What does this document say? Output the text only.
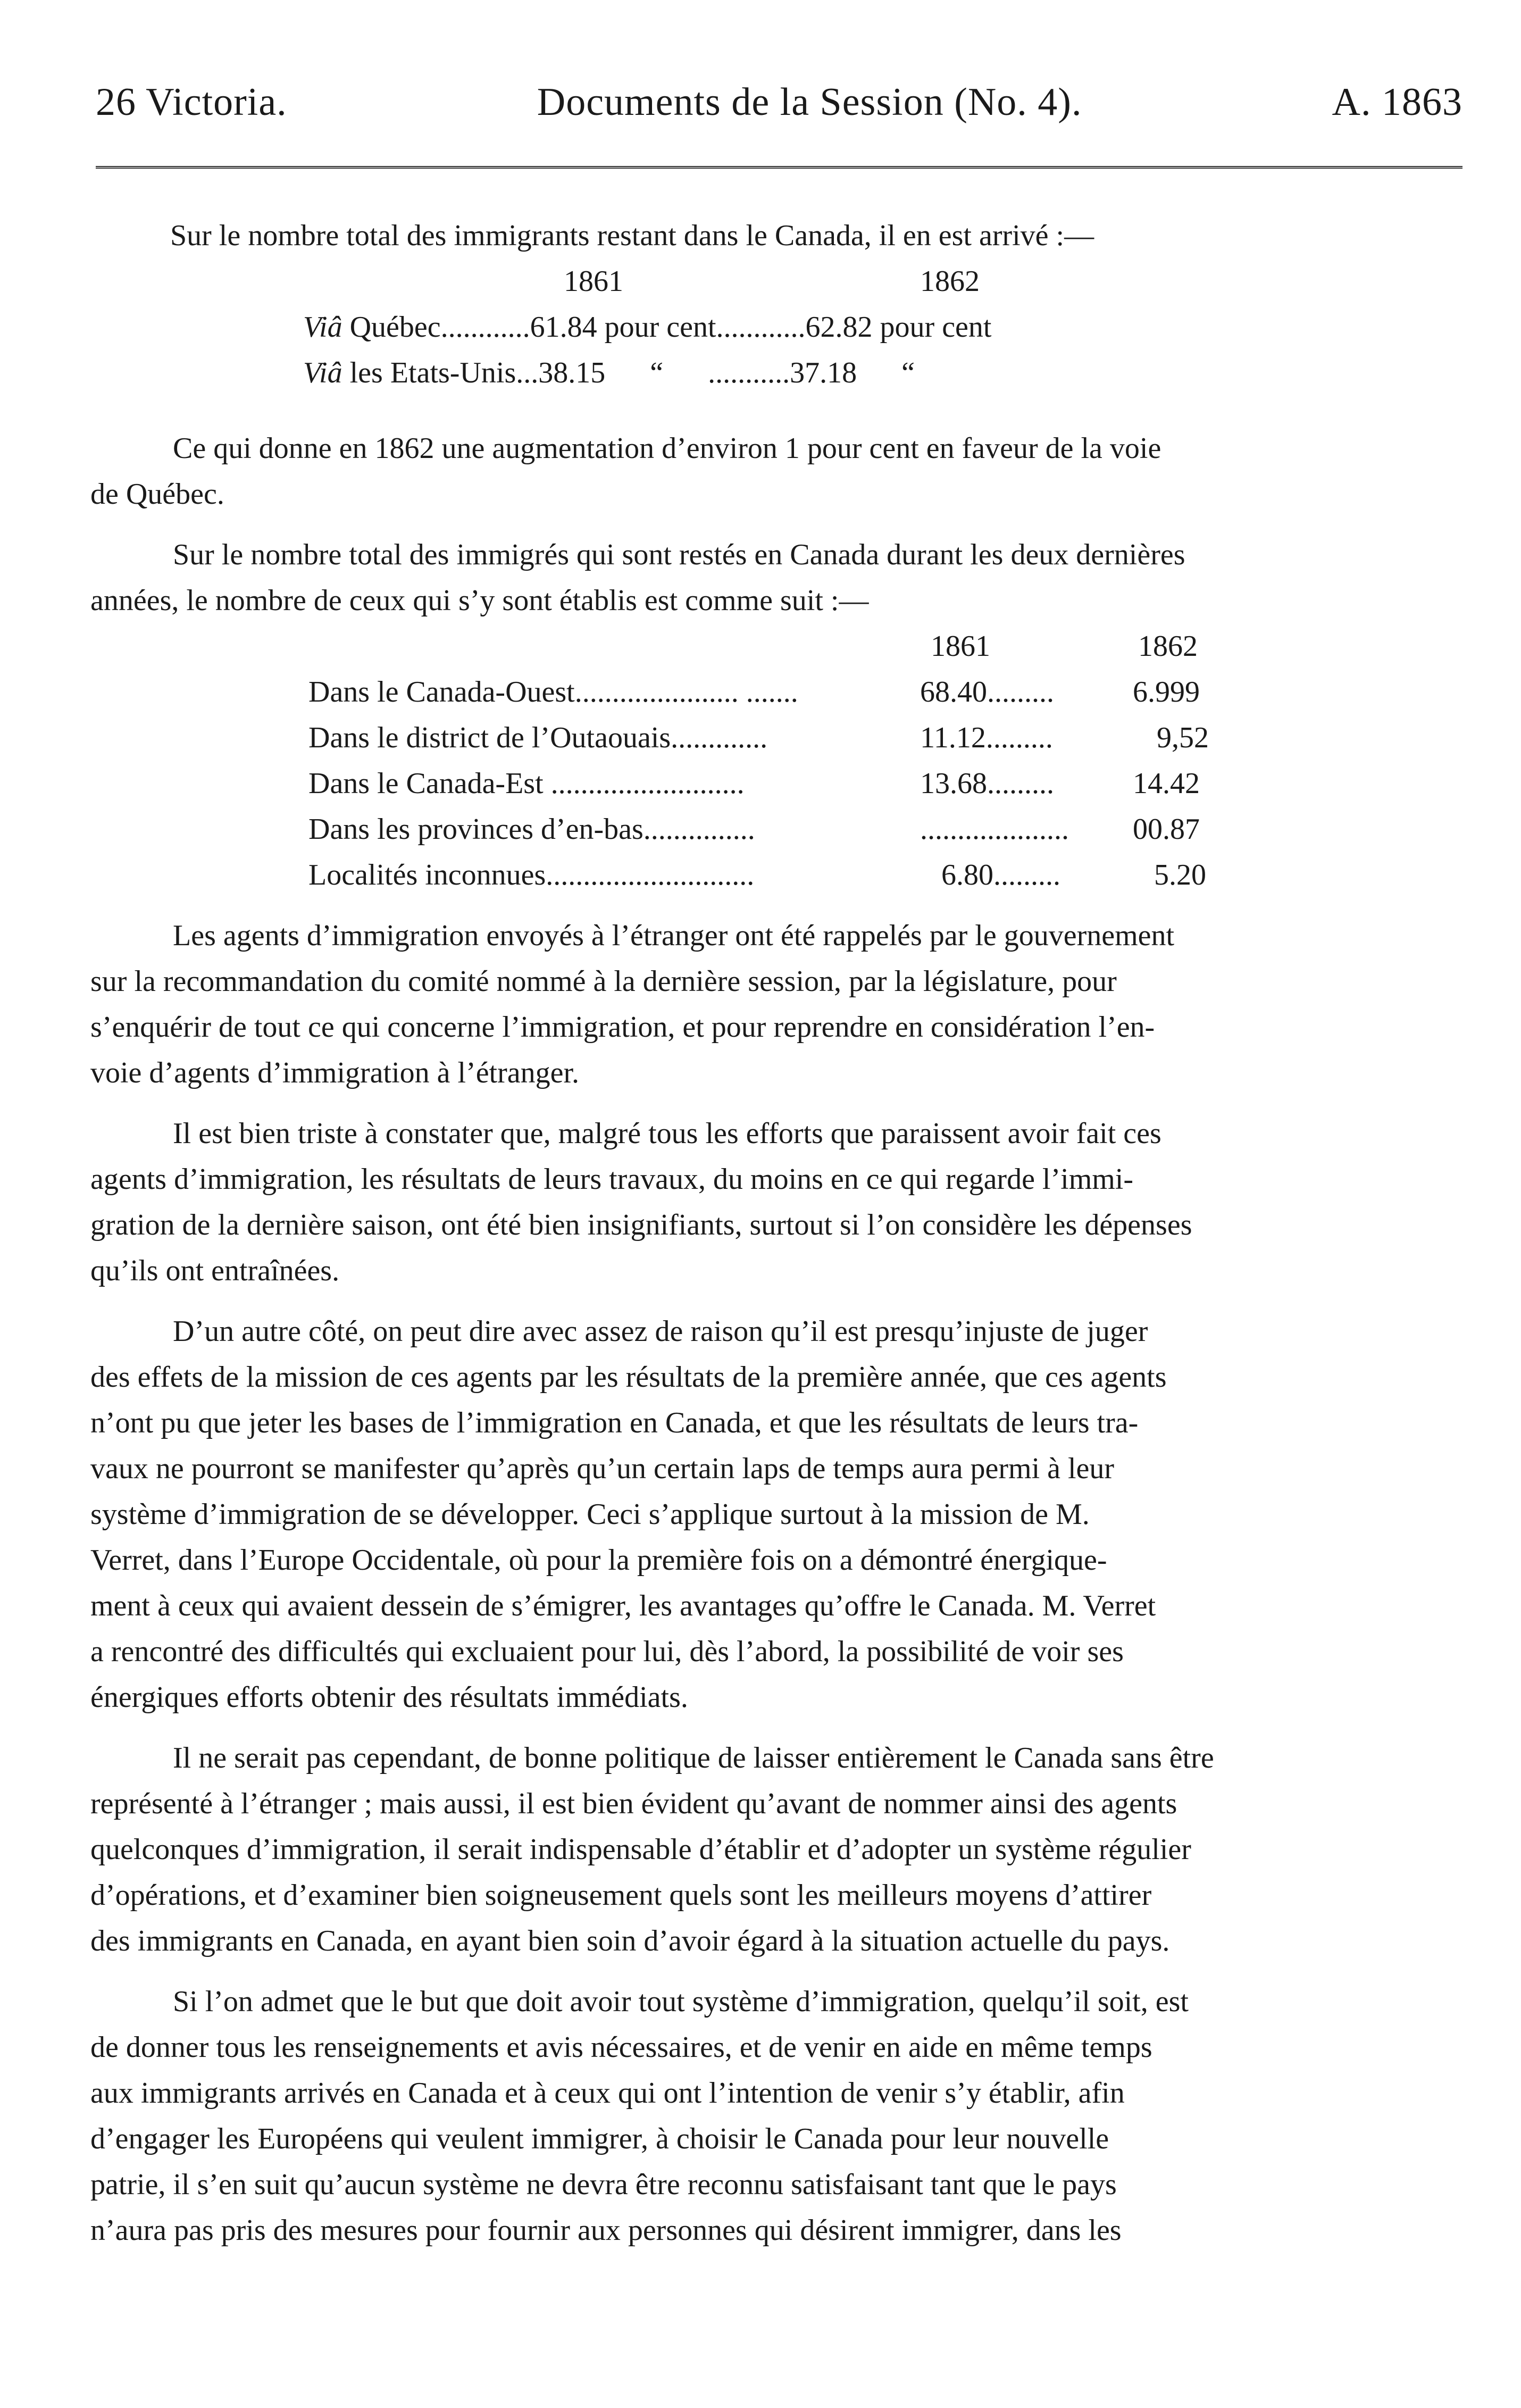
26 Victoria.	Documents de la Session (No. 4).	A. 1863

Sur le nombre total des immigrants restant dans le Canada, il en est arrivé :—

1861	1862
Viâ Québec............61.84 pour cent............62.82 pour cent
Viâ les Etats-Unis...38.15      “      ...........37.18      “

Ce qui donne en 1862 une augmentation d’environ 1 pour cent en faveur de la voie

de Québec.

Sur le nombre total des immigrés qui sont restés en Canada durant les deux dernières

années, le nombre de ceux qui s’y sont établis est comme suit :—

1861	1862
Dans le Canada-Ouest...................... .......	68.40.........	6.999
Dans le district de l’Outaouais.............	11.12.........	9,52
Dans le Canada-Est ..........................	13.68.........	14.42
Dans les provinces d’en-bas...............	.................... 00.87
Localités inconnues............................	6.80.........	5.20

Les agents d’immigration envoyés à l’étranger ont été rappelés par le gouvernement

sur la recommandation du comité nommé à la dernière session, par la législature, pour

s’enquérir de tout ce qui concerne l’immigration, et pour reprendre en considération l’en-

voie d’agents d’immigration à l’étranger.

Il est bien triste à constater que, malgré tous les efforts que paraissent avoir fait ces

agents d’immigration, les résultats de leurs travaux, du moins en ce qui regarde l’immi-

gration de la dernière saison, ont été bien insignifiants, surtout si l’on considère les dépenses

qu’ils ont entraînées.

D’un autre côté, on peut dire avec assez de raison qu’il est presqu’injuste de juger

des effets de la mission de ces agents par les résultats de la première année, que ces agents

n’ont pu que jeter les bases de l’immigration en Canada, et que les résultats de leurs tra-

vaux ne pourront se manifester qu’après qu’un certain laps de temps aura permi à leur

système d’immigration de se développer. Ceci s’applique surtout à la mission de M.

Verret, dans l’Europe Occidentale, où pour la première fois on a démontré énergique-

ment à ceux qui avaient dessein de s’émigrer, les avantages qu’offre le Canada. M. Verret

a rencontré des difficultés qui excluaient pour lui, dès l’abord, la possibilité de voir ses

énergiques efforts obtenir des résultats immédiats.

Il ne serait pas cependant, de bonne politique de laisser entièrement le Canada sans être

représenté à l’étranger ; mais aussi, il est bien évident qu’avant de nommer ainsi des agents

quelconques d’immigration, il serait indispensable d’établir et d’adopter un système régulier

d’opérations, et d’examiner bien soigneusement quels sont les meilleurs moyens d’attirer

des immigrants en Canada, en ayant bien soin d’avoir égard à la situation actuelle du pays.

Si l’on admet que le but que doit avoir tout système d’immigration, quelqu’il soit, est

de donner tous les renseignements et avis nécessaires, et de venir en aide en même temps

aux immigrants arrivés en Canada et à ceux qui ont l’intention de venir s’y établir, afin

d’engager les Européens qui veulent immigrer, à choisir le Canada pour leur nouvelle

patrie, il s’en suit qu’aucun système ne devra être reconnu satisfaisant tant que le pays

n’aura pas pris des mesures pour fournir aux personnes qui désirent immigrer, dans les
